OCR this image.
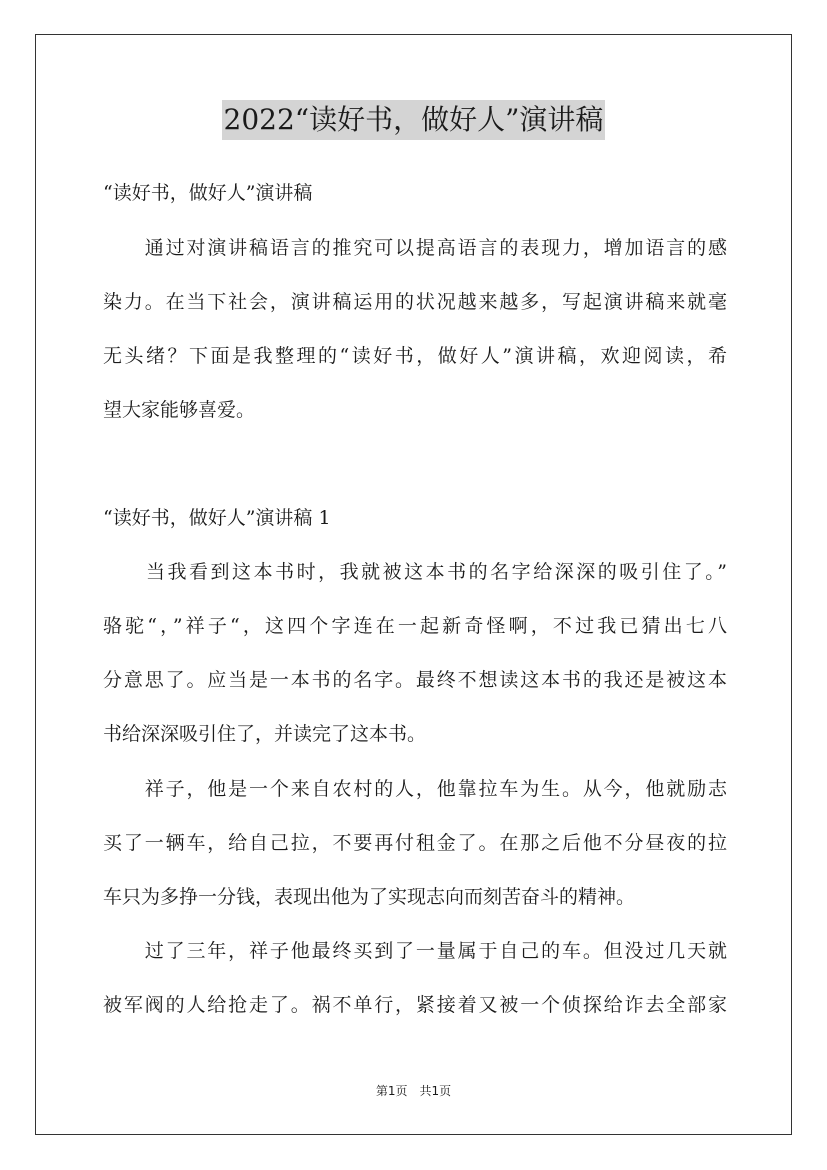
2022“读好书，做好人”演讲稿
“读好书，做好人”演讲稿
　　通过对演讲稿语言的推究可以提高语言的表现力，增加语言的感
染力。在当下社会，演讲稿运用的状况越来越多，写起演讲稿来就毫
无头绪？下面是我整理的“读好书，做好人”演讲稿，欢迎阅读，希
望大家能够喜爱。
“读好书，做好人”演讲稿 1
　　当我看到这本书时，我就被这本书的名字给深深的吸引住了。”
骆驼“，”祥子“，这四个字连在一起新奇怪啊，不过我已猜出七八
分意思了。应当是一本书的名字。最终不想读这本书的我还是被这本
书给深深吸引住了，并读完了这本书。
　　祥子，他是一个来自农村的人，他靠拉车为生。从今，他就励志
买了一辆车，给自己拉，不要再付租金了。在那之后他不分昼夜的拉
车只为多挣一分钱，表现出他为了实现志向而刻苦奋斗的精神。
　　过了三年，祥子他最终买到了一量属于自己的车。但没过几天就
被军阀的人给抢走了。祸不单行，紧接着又被一个侦探给诈去全部家
第1页 共1页
